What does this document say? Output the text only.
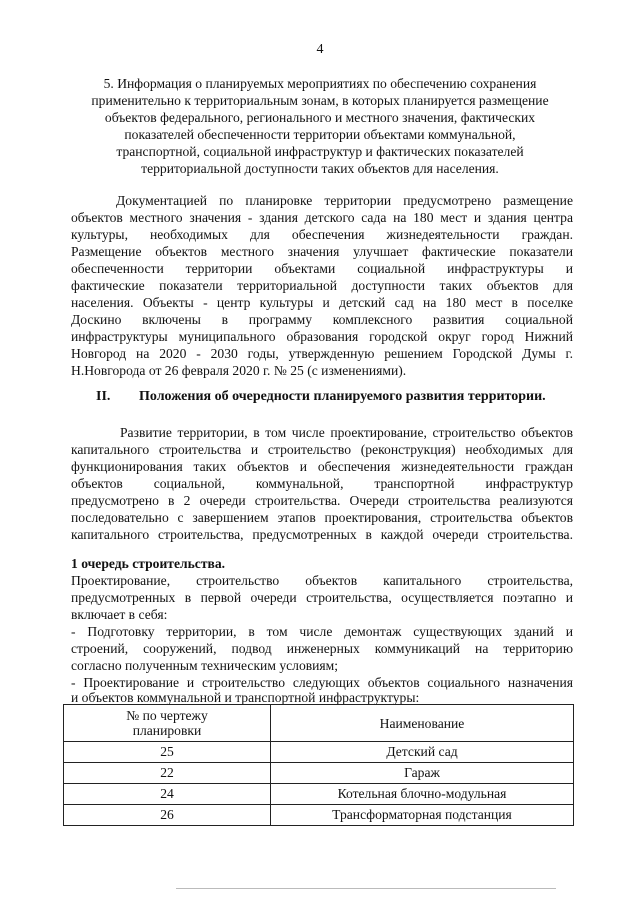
4
5. Информация о планируемых мероприятиях по обеспечению сохранения
применительно к территориальным зонам, в которых планируется размещение
объектов федерального, регионального и местного значения, фактических
показателей обеспеченности территории объектами коммунальной,
транспортной, социальной инфраструктур и фактических показателей
территориальной доступности таких объектов для населения.
Документацией по планировке территории предусмотрено размещение
объектов местного значения - здания детского сада на 180 мест и здания центра
культуры, необходимых для обеспечения жизнедеятельности граждан.
Размещение объектов местного значения улучшает фактические показатели
обеспеченности территории объектами социальной инфраструктуры и
фактические показатели территориальной доступности таких объектов для
населения. Объекты - центр культуры и детский сад на 180 мест в поселке
Доскино включены в программу комплексного развития социальной
инфраструктуры муниципального образования городской округ город Нижний
Новгород на 2020 - 2030 годы, утвержденную решением Городской Думы г.
Н.Новгорода от 26 февраля 2020 г. № 25 (с изменениями).
II. Положения об очередности планируемого развития территории.
Развитие территории, в том числе проектирование, строительство объектов
капитального строительства и строительство (реконструкция) необходимых для
функционирования таких объектов и обеспечения жизнедеятельности граждан
объектов социальной, коммунальной, транспортной инфраструктур
предусмотрено в 2 очереди строительства. Очереди строительства реализуются
последовательно с завершением этапов проектирования, строительства объектов
капитального строительства, предусмотренных в каждой очереди строительства.
1 очередь строительства.
Проектирование, строительство объектов капитального строительства,
предусмотренных в первой очереди строительства, осуществляется поэтапно и
включает в себя:
- Подготовку территории, в том числе демонтаж существующих зданий и
строений, сооружений, подвод инженерных коммуникаций на территорию
согласно полученным техническим условиям;
- Проектирование и строительство следующих объектов социального назначения
и объектов коммунальной и транспортной инфраструктуры:
№ по чертежу
планировки	Наименование
25	Детский сад
22	Гараж
24	Котельная блочно-модульная
26	Трансформаторная подстанция
